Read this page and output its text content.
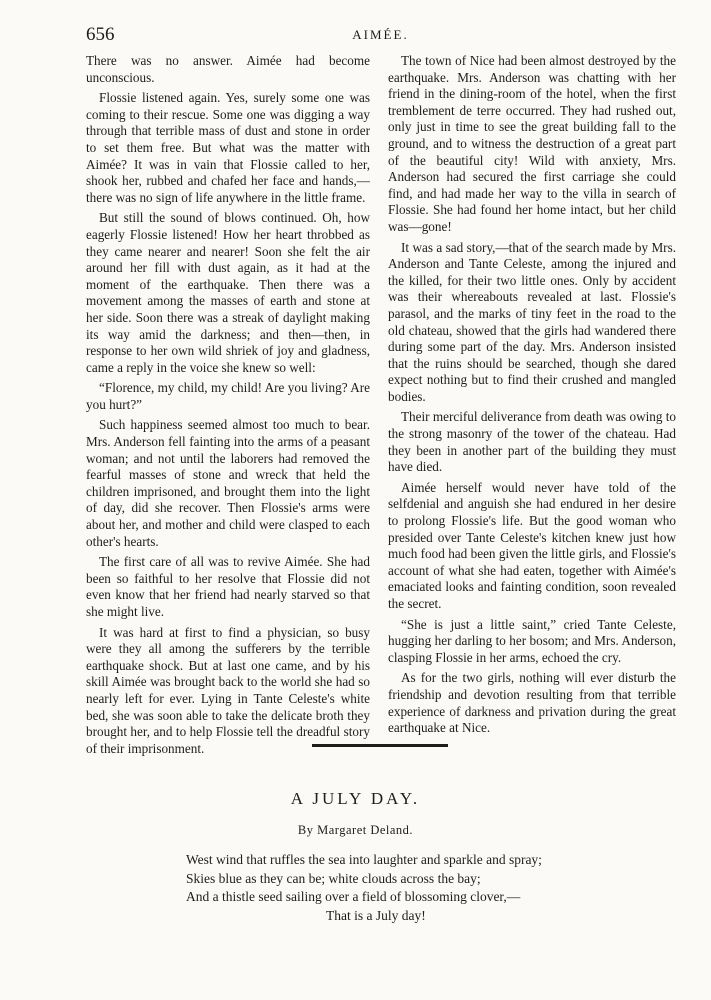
656	AIMÉE.

There was no answer. Aimée had become unconscious.

Flossie listened again. Yes, surely some one was coming to their rescue. Some one was digging a way through that terrible mass of dust and stone in order to set them free. But what was the matter with Aimée? It was in vain that Flossie called to her, shook her, rubbed and chafed her face and hands,—there was no sign of life anywhere in the little frame.

But still the sound of blows continued. Oh, how eagerly Flossie listened! How her heart throbbed as they came nearer and nearer! Soon she felt the air around her fill with dust again, as it had at the moment of the earthquake. Then there was a movement among the masses of earth and stone at her side. Soon there was a streak of daylight making its way amid the darkness; and then—then, in response to her own wild shriek of joy and gladness, came a reply in the voice she knew so well:

“Florence, my child, my child! Are you living? Are you hurt?”

Such happiness seemed almost too much to bear. Mrs. Anderson fell fainting into the arms of a peasant woman; and not until the laborers had removed the fearful masses of stone and wreck that held the children imprisoned, and brought them into the light of day, did she recover. Then Flossie's arms were about her, and mother and child were clasped to each other's hearts.

The first care of all was to revive Aimée. She had been so faithful to her resolve that Flossie did not even know that her friend had nearly starved so that she might live.

It was hard at first to find a physician, so busy were they all among the sufferers by the terrible earthquake shock. But at last one came, and by his skill Aimée was brought back to the world she had so nearly left for ever. Lying in Tante Celeste's white bed, she was soon able to take the delicate broth they brought her, and to help Flossie tell the dreadful story of their imprisonment.

The town of Nice had been almost destroyed by the earthquake. Mrs. Anderson was chatting with her friend in the dining-room of the hotel, when the first tremblement de terre occurred. They had rushed out, only just in time to see the great building fall to the ground, and to witness the destruction of a great part of the beautiful city! Wild with anxiety, Mrs. Anderson had secured the first carriage she could find, and had made her way to the villa in search of Flossie. She had found her home intact, but her child was—gone!

It was a sad story,—that of the search made by Mrs. Anderson and Tante Celeste, among the injured and the killed, for their two little ones. Only by accident was their whereabouts revealed at last. Flossie's parasol, and the marks of tiny feet in the road to the old chateau, showed that the girls had wandered there during some part of the day. Mrs. Anderson insisted that the ruins should be searched, though she dared expect nothing but to find their crushed and mangled bodies.

Their merciful deliverance from death was owing to the strong masonry of the tower of the chateau. Had they been in another part of the building they must have died.

Aimée herself would never have told of the selfdenial and anguish she had endured in her desire to prolong Flossie's life. But the good woman who presided over Tante Celeste's kitchen knew just how much food had been given the little girls, and Flossie's account of what she had eaten, together with Aimée's emaciated looks and fainting condition, soon revealed the secret.

“She is just a little saint,” cried Tante Celeste, hugging her darling to her bosom; and Mrs. Anderson, clasping Flossie in her arms, echoed the cry.

As for the two girls, nothing will ever disturb the friendship and devotion resulting from that terrible experience of darkness and privation during the great earthquake at Nice.

A JULY DAY.
By Margaret Deland.
West wind that ruffles the sea into laughter and sparkle and spray;
Skies blue as they can be; white clouds across the bay;
And a thistle seed sailing over a field of blossoming clover,—
That is a July day!
